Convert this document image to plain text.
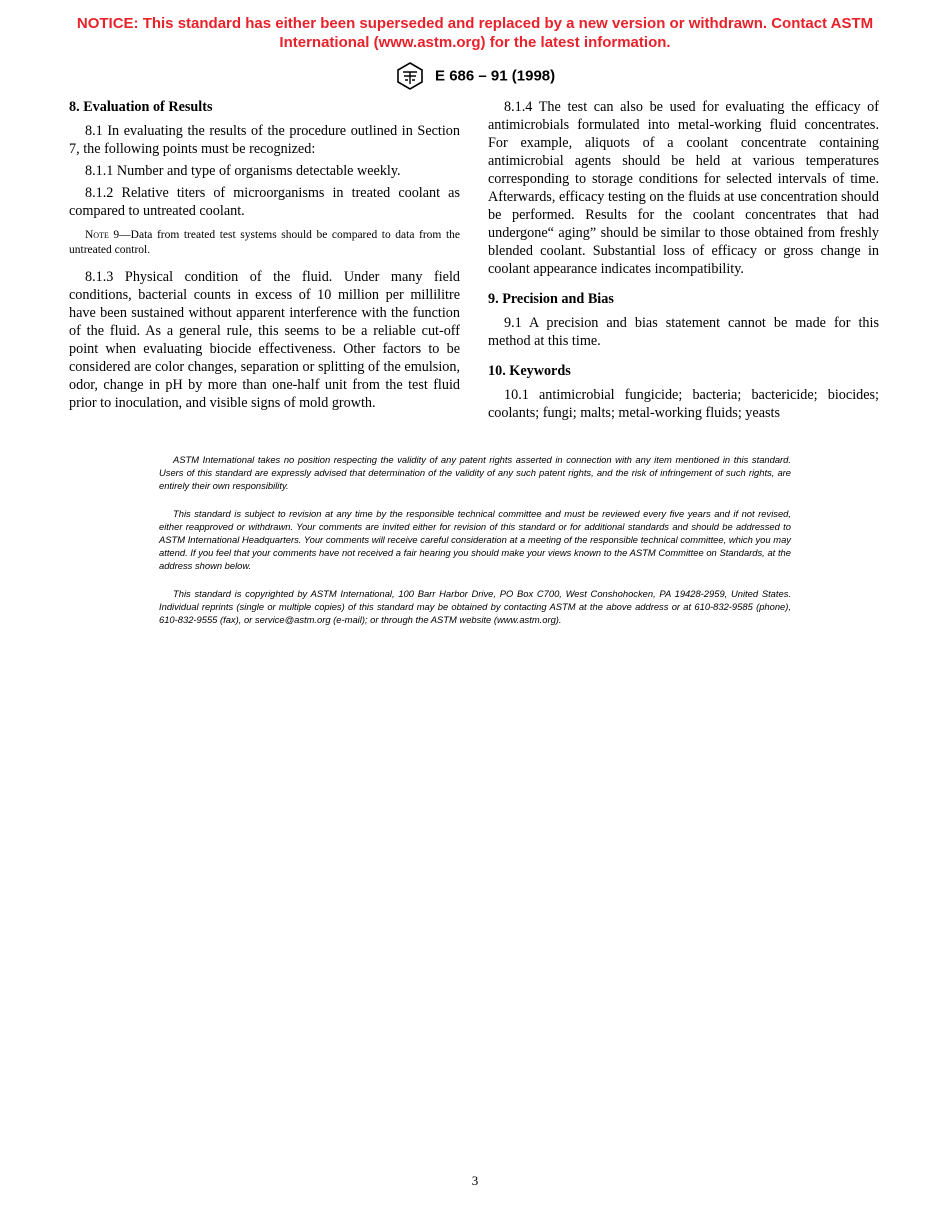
NOTICE: This standard has either been superseded and replaced by a new version or withdrawn. Contact ASTM
International (www.astm.org) for the latest information.
E 686 – 91 (1998)
8. Evaluation of Results

8.1 In evaluating the results of the procedure outlined in Section 7, the following points must be recognized:

8.1.1 Number and type of organisms detectable weekly.

8.1.2 Relative titers of microorganisms in treated coolant as compared to untreated coolant.

Note 9—Data from treated test systems should be compared to data from the untreated control.

8.1.3 Physical condition of the fluid. Under many field conditions, bacterial counts in excess of 10 million per millilitre have been sustained without apparent interference with the function of the fluid. As a general rule, this seems to be a reliable cut-off point when evaluating biocide effectiveness. Other factors to be considered are color changes, separation or splitting of the emulsion, odor, change in pH by more than one-half unit from the test fluid prior to inoculation, and visible signs of mold growth.

8.1.4 The test can also be used for evaluating the efficacy of antimicrobials formulated into metal-working fluid concentrates. For example, aliquots of a coolant concentrate containing antimicrobial agents should be held at various temperatures corresponding to storage conditions for selected intervals of time. Afterwards, efficacy testing on the fluids at use concentration should be performed. Results for the coolant concentrates that had undergone“ aging” should be similar to those obtained from freshly blended coolant. Substantial loss of efficacy or gross change in coolant appearance indicates incompatibility.

9. Precision and Bias

9.1 A precision and bias statement cannot be made for this method at this time.

10. Keywords

10.1 antimicrobial fungicide; bacteria; bactericide; biocides; coolants; fungi; malts; metal-working fluids; yeasts

ASTM International takes no position respecting the validity of any patent rights asserted in connection with any item mentioned in this standard. Users of this standard are expressly advised that determination of the validity of any such patent rights, and the risk of infringement of such rights, are entirely their own responsibility.

This standard is subject to revision at any time by the responsible technical committee and must be reviewed every five years and if not revised, either reapproved or withdrawn. Your comments are invited either for revision of this standard or for additional standards and should be addressed to ASTM International Headquarters. Your comments will receive careful consideration at a meeting of the responsible technical committee, which you may attend. If you feel that your comments have not received a fair hearing you should make your views known to the ASTM Committee on Standards, at the address shown below.

This standard is copyrighted by ASTM International, 100 Barr Harbor Drive, PO Box C700, West Conshohocken, PA 19428-2959, United States. Individual reprints (single or multiple copies) of this standard may be obtained by contacting ASTM at the above address or at 610-832-9585 (phone), 610-832-9555 (fax), or service@astm.org (e-mail); or through the ASTM website (www.astm.org).

3
